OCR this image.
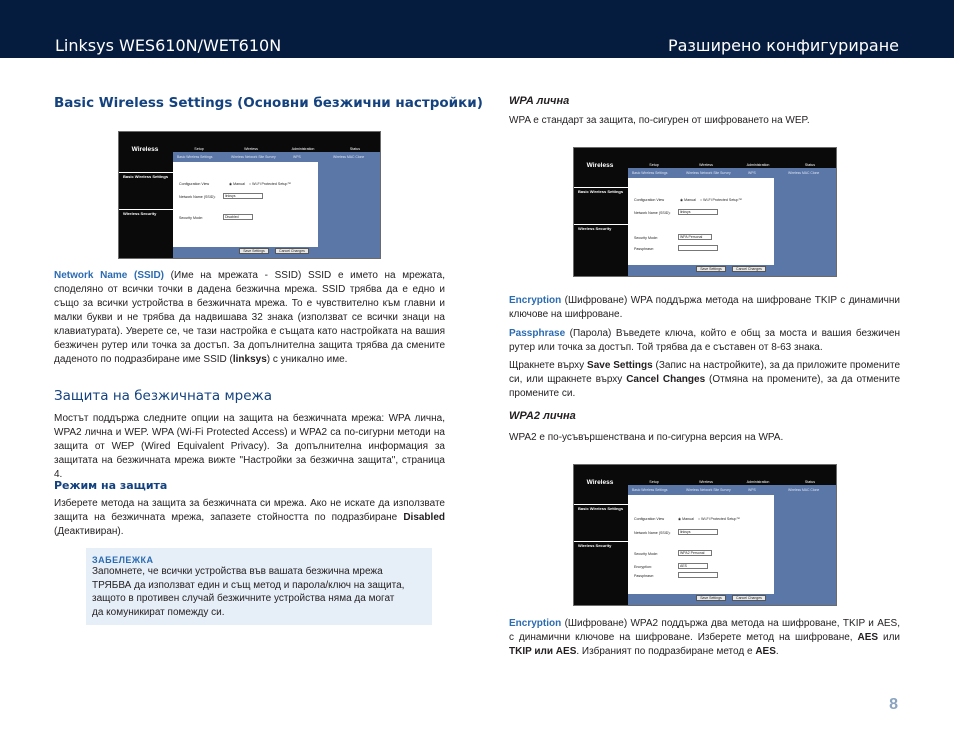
Linksys WES610N/WET610N	Разширено конфигуриране
Basic Wireless Settings (Основни безжични настройки)
Wireless	Setup	Wireless	Administration	Status
Basic Wireless Settings	Wireless Network Site Survey	WPS	Wireless MAC Clone
Basic Wireless Settings
Wireless Security
Configuration View	◉ Manual ○ Wi-Fi Protected Setup™
Network Name (SSID):	linksys
Security Mode:	Disabled
Save Settings	Cancel Changes
Network Name (SSID) (Име на мрежата - SSID) SSID е името на мрежата, споделяно от всички точки в дадена безжична мрежа. SSID трябва да е едно и също за всички устройства в безжичната мрежа. То е чувствително към главни и малки букви и не трябва да надвишава 32 знака (използват се всички знаци на клавиатурата). Уверете се, че тази настройка е същата като настройката на вашия безжичен рутер или точка за достъп. За допълнителна защита трябва да смените даденото по подразбиране име SSID (linksys) с уникално име.
Защита на безжичната мрежа
Мостът поддържа следните опции на защита на безжичната мрежа: WPA лична, WPA2 лична и WEP. WPA (Wi-Fi Protected Access) и WPA2 са по-сигурни методи на защита от WEP (Wired Equivalent Privacy). За допълнителна информация за защитата на безжичната мрежа вижте "Настройки за безжична защита", страница 4.
Режим на защита
Изберете метода на защита за безжичната си мрежа. Ако не искате да използвате защита на безжичната мрежа, запазете стойността по подразбиране Disabled (Деактивиран).
ЗАБЕЛЕЖКА
Запомнете, че всички устройства във вашата безжична мрежа
ТРЯБВА да използват един и същ метод и парола/ключ на защита,
защото в противен случай безжичните устройства няма да могат
да комуникират помежду си.
WPA лична
WPA е стандарт за защита, по-сигурен от шифроването на WEP.
Wireless	Setup	Wireless	Administration	Status
Basic Wireless Settings	Wireless Network Site Survey	WPS	Wireless MAC Clone
Basic Wireless Settings
Wireless Security
Configuration View	◉ Manual ○ Wi-Fi Protected Setup™
Network Name (SSID):	linksys
Security Mode:	WPA Personal
Passphrase:
Save Settings	Cancel Changes
Encryption (Шифроване) WPA поддържа метода на шифроване TKIP с динамични ключове на шифроване.
Passphrase (Парола) Въведете ключа, който е общ за моста и вашия безжичен рутер или точка за достъп. Той трябва да е съставен от 8-63 знака.
Щракнете върху Save Settings (Запис на настройките), за да приложите промените си, или щракнете върху Cancel Changes (Отмяна на промените), за да отмените промените си.
WPA2 лична
WPA2 е по-усъвършенствана и по-сигурна версия на WPA.
Wireless	Setup	Wireless	Administration	Status
Basic Wireless Settings	Wireless Network Site Survey	WPS	Wireless MAC Clone
Basic Wireless Settings
Wireless Security
Configuration View	◉ Manual ○ Wi-Fi Protected Setup™
Network Name (SSID):	linksys
Security Mode:	WPA2 Personal
Encryption:	AES
Passphrase:
Save Settings	Cancel Changes
Encryption (Шифроване) WPA2 поддържа два метода на шифроване, TKIP и AES, с динамични ключове на шифроване. Изберете метод на шифроване, AES или TKIP или AES. Избраният по подразбиране метод е AES.
8
